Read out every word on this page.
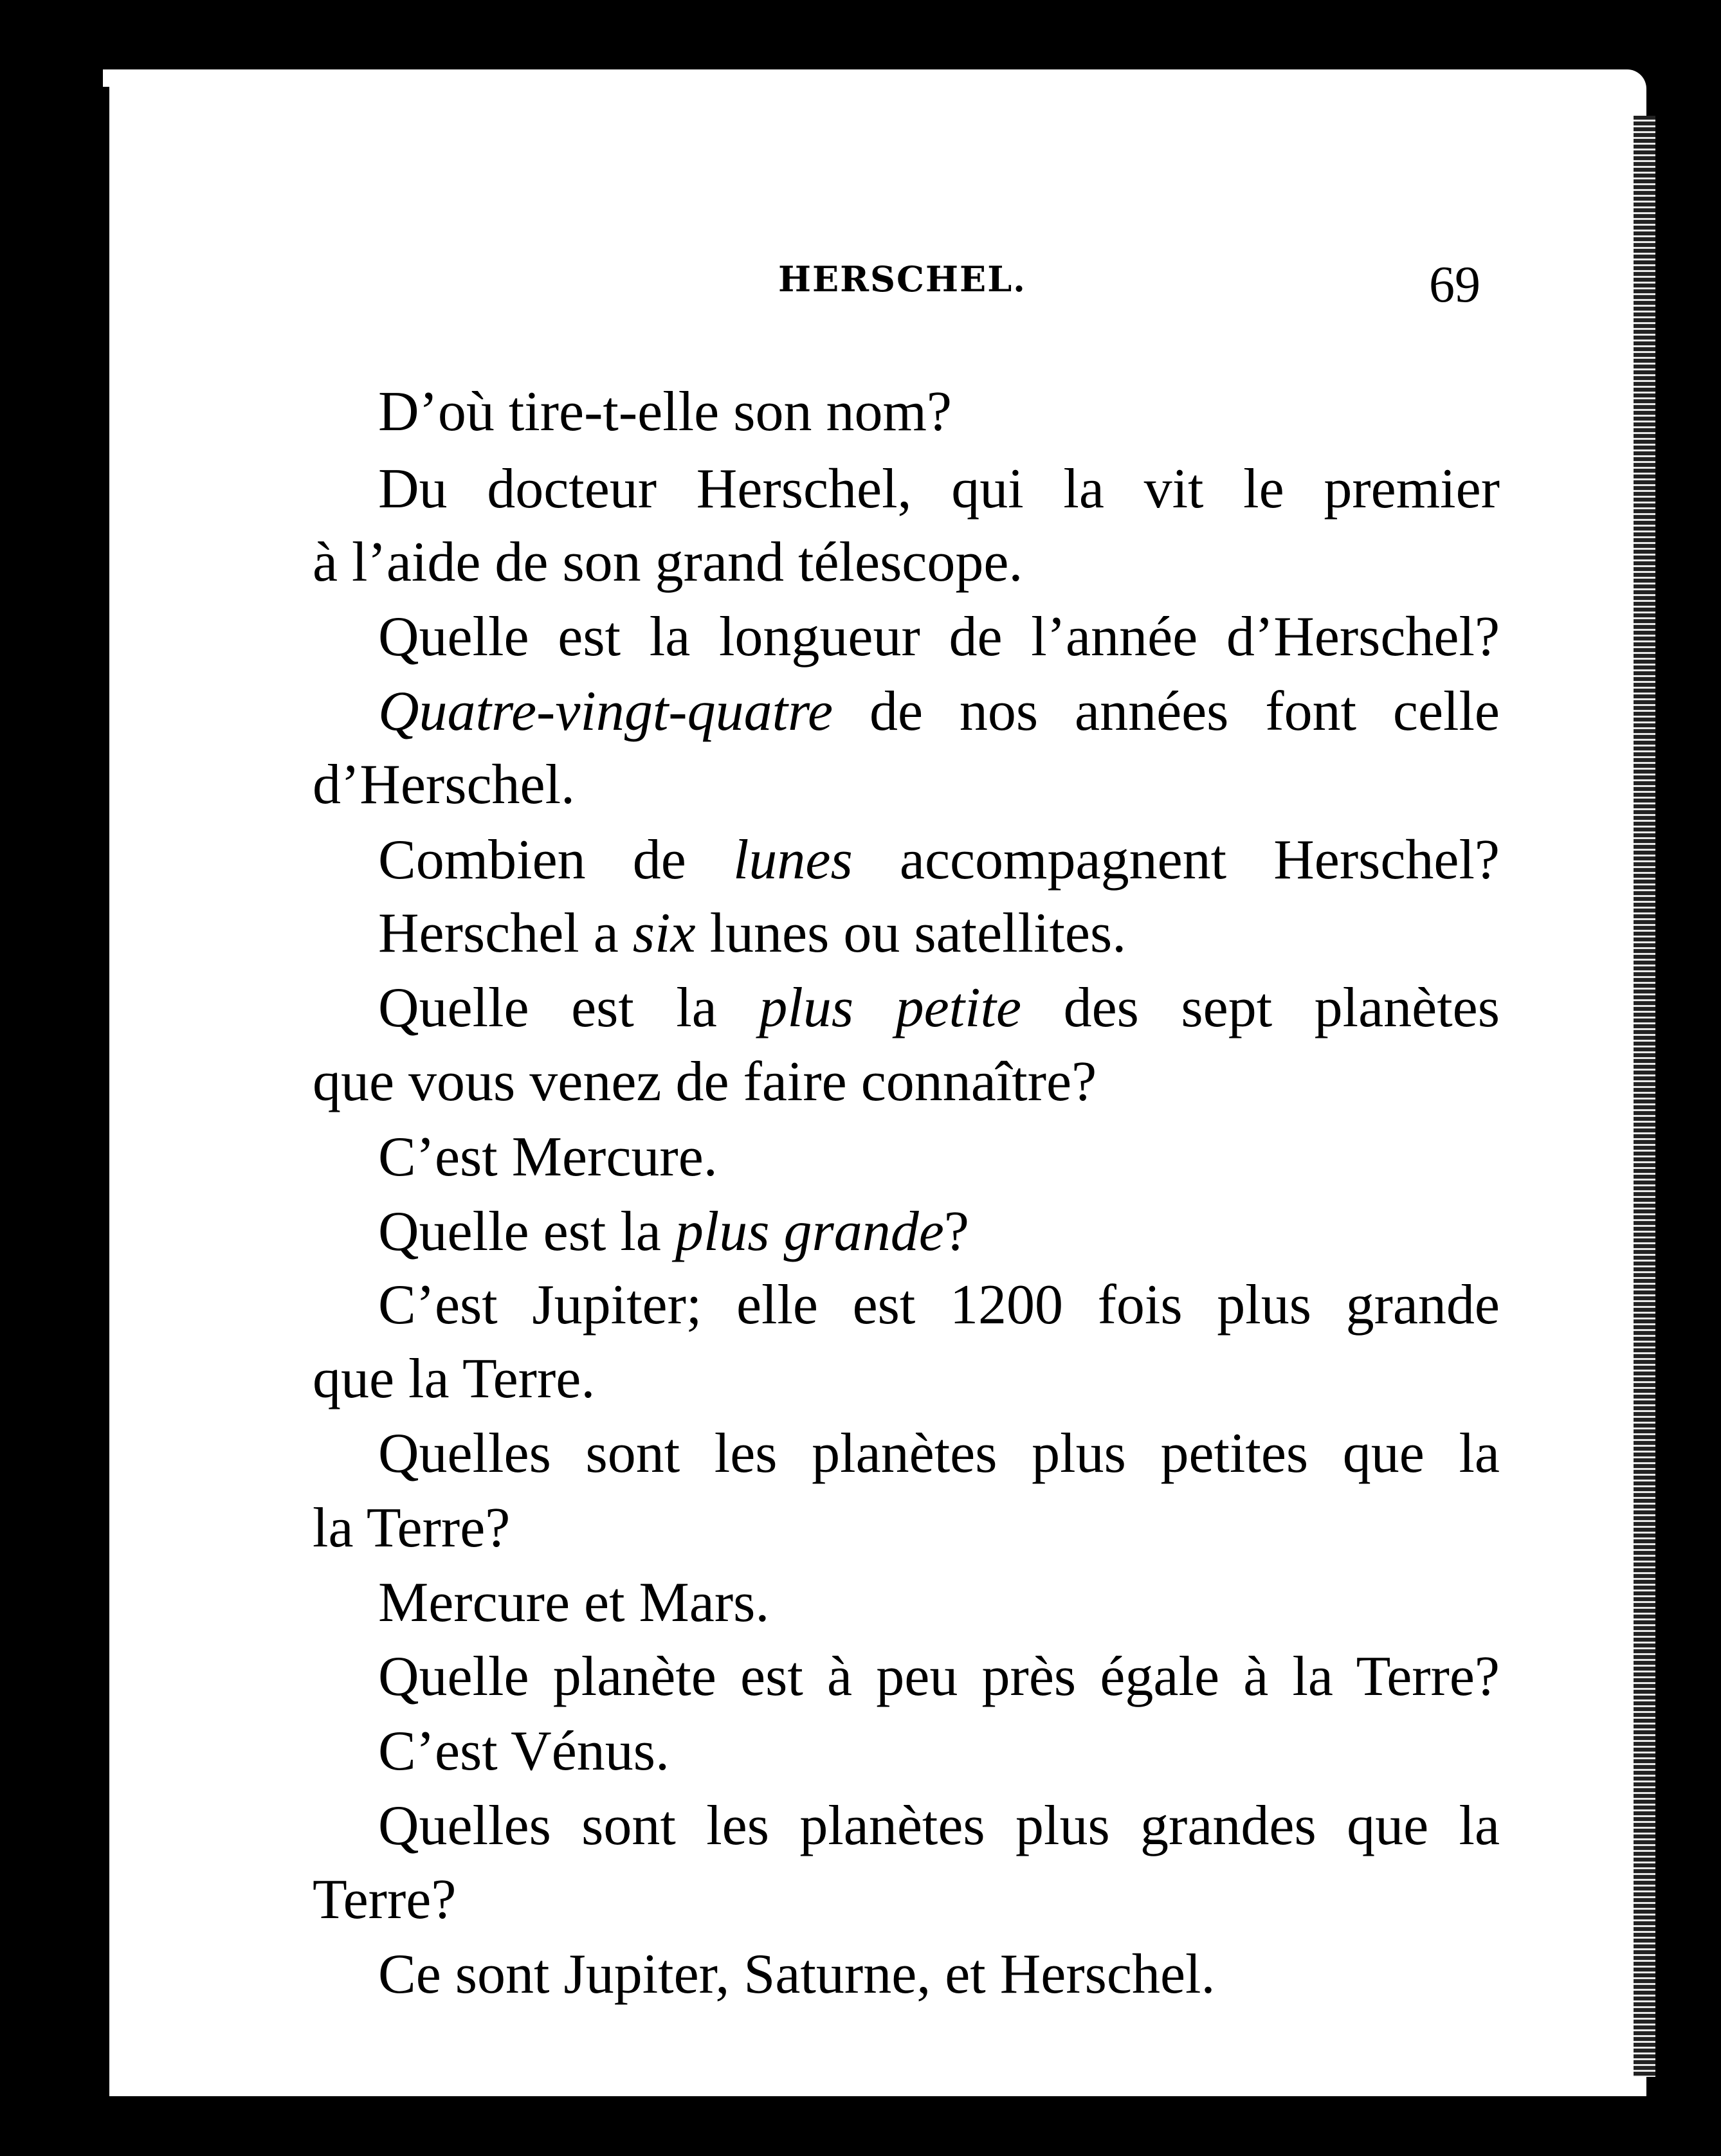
HERSCHEL.	69
D’où tire-t-elle son nom?
Du docteur Herschel, qui la vit le premier
à l’aide de son grand télescope.
Quelle est la longueur de l’année d’Herschel?
Quatre-vingt-quatre de nos années font celle
d’Herschel.
Combien de lunes accompagnent Herschel?
Herschel a six lunes ou satellites.
Quelle est la plus petite des sept planètes
que vous venez de faire connaître?
C’est Mercure.
Quelle est la plus grande?
C’est Jupiter; elle est 1200 fois plus grande
que la Terre.
Quelles sont les planètes plus petites que la
la Terre?
Mercure et Mars.
Quelle planète est à peu près égale à la Terre?
C’est Vénus.
Quelles sont les planètes plus grandes que la
Terre?
Ce sont Jupiter, Saturne, et Herschel.
